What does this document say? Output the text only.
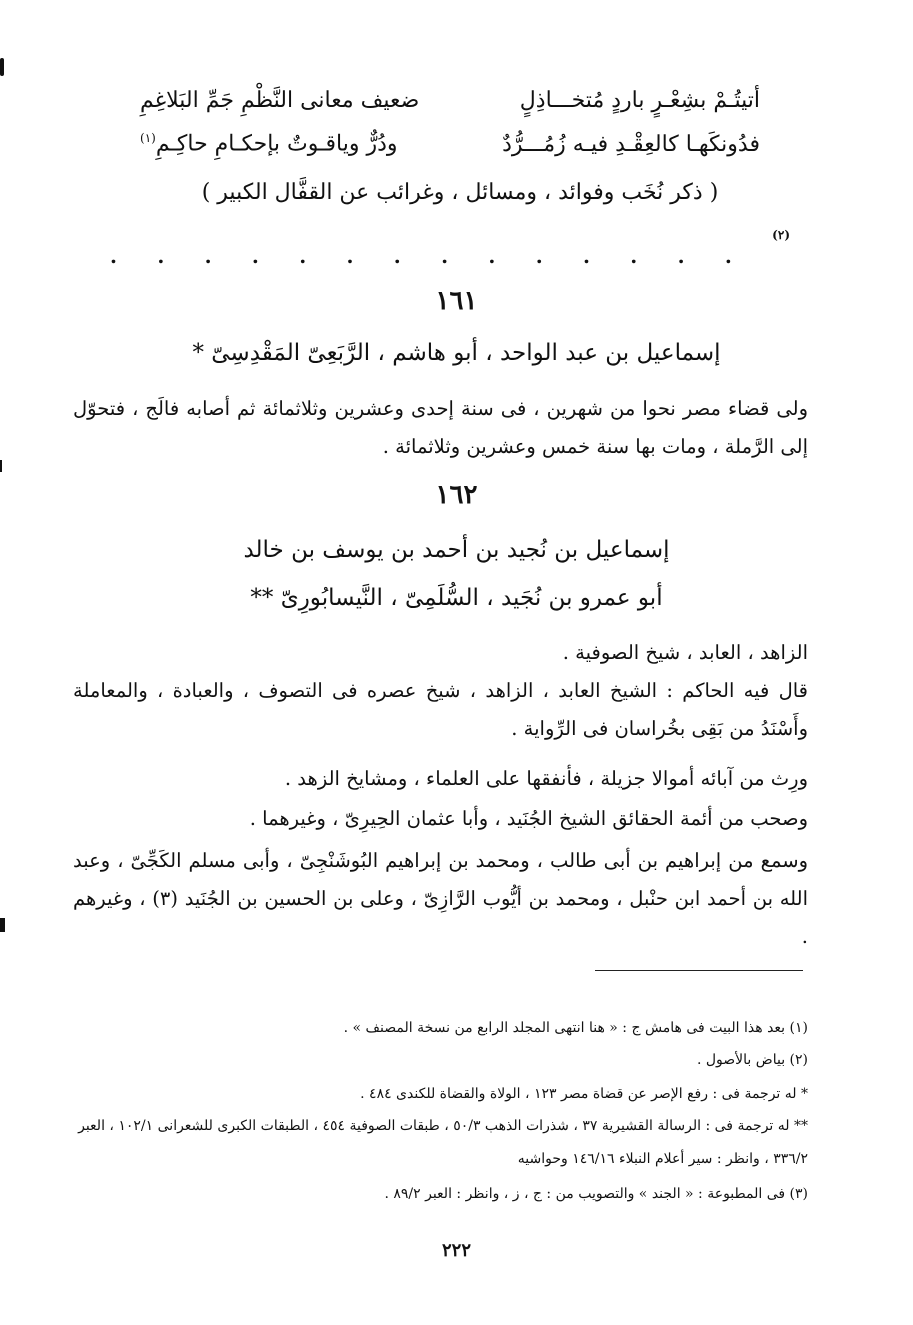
أتيتُـمْ بشِعْـرٍ باردٍ مُتخـــاذِلٍ
ضعيف معانى النَّظْمِ جَمِّ البَلاغِمِ
فدُونكَهـا كالعِقْـدِ فيـه زُمُـــرُّدٌ
ودُرٌّ وياقـوتٌ بإحكـامِ حاكِـمِ$^{(١)}$
( ذكر نُخَب وفوائد ، ومسائل ، وغرائب عن القفَّال الكبير )
(٢)
.
.
.
.
.
.
.
.
.
.
.
.
.
.
١٦١
إسماعيل بن عبد الواحد ، أبو هاشم ، الرَّبَعِىّ المَقْدِسِىّ *
ولى قضاء مصر نحوا من شهرين ، فى سنة إحدى وعشرين وثلاثمائة ثم أصابه فالَج ، فتحوّل إلى الرَّملة ، ومات بها سنة خمس وعشرين وثلاثمائة .
١٦٢
إسماعيل بن نُجيد بن أحمد بن يوسف بن خالد
أبو عمرو بن نُجَيد ، السُّلَمِىّ ، النَّيسابُورِىّ **
الزاهد ، العابد ، شيخ الصوفية .
قال فيه الحاكم : الشيخ العابد ، الزاهد ، شيخ عصره فى التصوف ، والعبادة ، والمعاملة وأَسْنَدُ من بَقِى بخُراسان فى الرِّواية .
ورِث من آبائه أموالا جزيلة ، فأنفقها على العلماء ، ومشايخ الزهد .
وصحب من أئمة الحقائق الشيخ الجُنَيد ، وأبا عثمان الحِيرِىّ ، وغيرهما .
وسمع من إبراهيم بن أبى طالب ، ومحمد بن إبراهيم البُوشَنْجِىّ ، وأبى مسلم الكَجِّىّ ، وعبد الله بن أحمد ابن حنْبل ، ومحمد بن أيُّوب الرَّازِىّ ، وعلى بن الحسين بن الجُنَيد (٣) ، وغيرهم .
(١) بعد هذا البيت فى هامش ج : « هنا انتهى المجلد الرابع من نسخة المصنف » .
(٢) بياض بالأصول .
* له ترجمة فى : رفع الإصر عن قضاة مصر ١٢٣ ، الولاة والقضاة للكندى ٤٨٤ .
** له ترجمة فى : الرسالة القشيرية ٣٧ ، شذرات الذهب ٥٠/٣ ، طبقات الصوفية ٤٥٤ ، الطبقات الكبرى للشعرانى ١٠٢/١ ، العبر ٣٣٦/٢ ، وانظر : سير أعلام النبلاء ١٤٦/١٦ وحواشيه
(٣) فى المطبوعة : « الجند » والتصويب من : ج ، ز ، وانظر : العبر ٨٩/٢ .
٢٢٢
